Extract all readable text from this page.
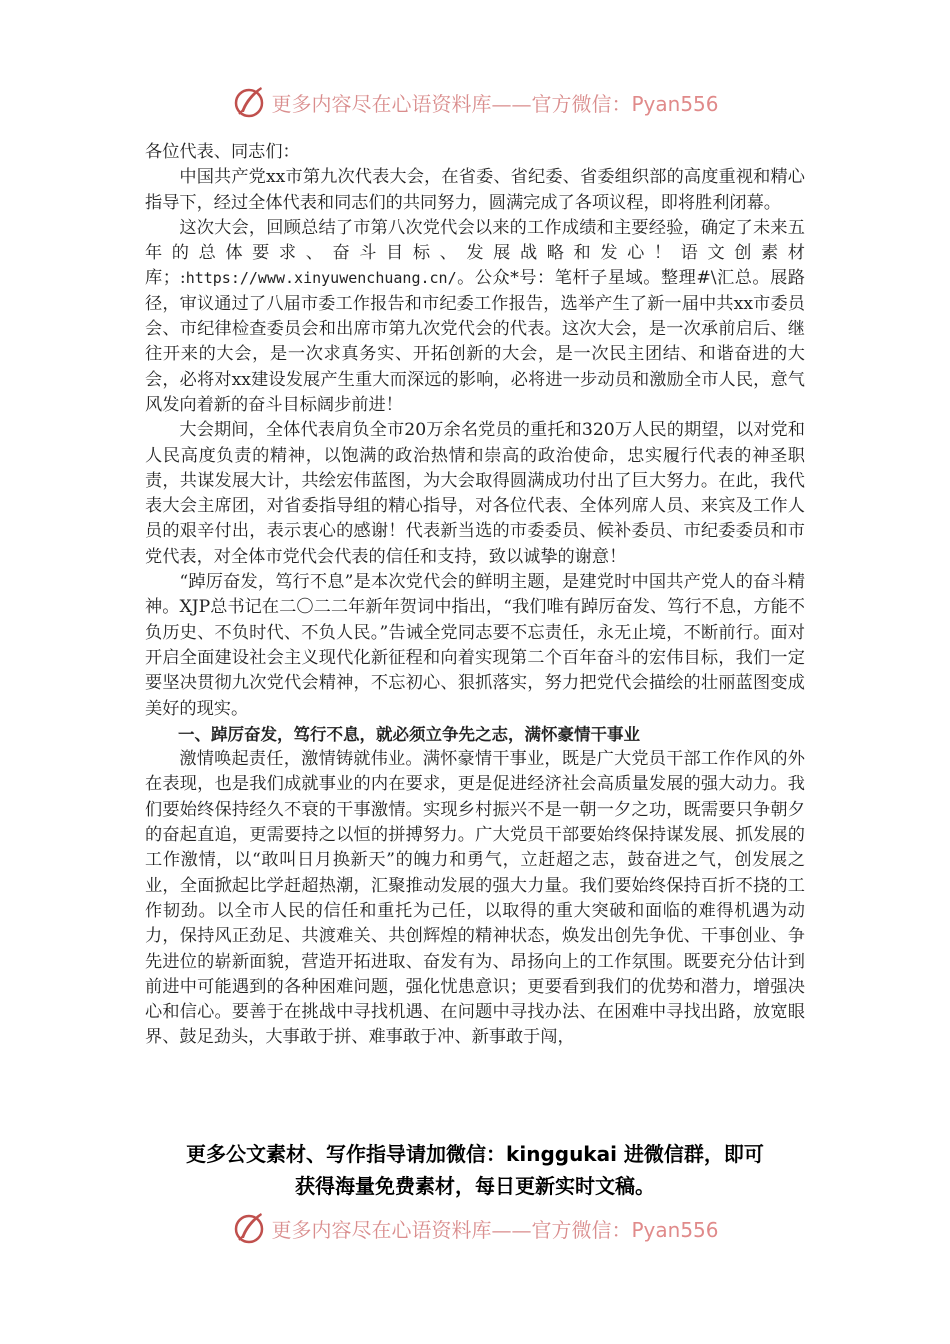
更多内容尽在心语资料库——官方微信：Pyan556

各位代表、同志们：

中国共产党xx市第九次代表大会，在省委、省纪委、省委组织部的高度重视和精心指导下，经过全体代表和同志们的共同努力，圆满完成了各项议程，即将胜利闭幕。

这次大会，回顾总结了市第八次党代会以来的工作成绩和主要经验，确定了未来五年的总体要求、奋斗目标、发展战略和发心！语文创素材库；:https://www.xinyuwenchuang.cn/。公众*号：笔杆子星域。整理#\汇总。展路径，审议通过了八届市委工作报告和市纪委工作报告，选举产生了新一届中共xx市委员会、市纪律检查委员会和出席市第九次党代会的代表。这次大会，是一次承前启后、继往开来的大会，是一次求真务实、开拓创新的大会，是一次民主团结、和谐奋进的大会，必将对xx建设发展产生重大而深远的影响，必将进一步动员和激励全市人民，意气风发向着新的奋斗目标阔步前进！

大会期间，全体代表肩负全市20万余名党员的重托和320万人民的期望，以对党和人民高度负责的精神，以饱满的政治热情和崇高的政治使命，忠实履行代表的神圣职责，共谋发展大计，共绘宏伟蓝图，为大会取得圆满成功付出了巨大努力。在此，我代表大会主席团，对省委指导组的精心指导，对各位代表、全体列席人员、来宾及工作人员的艰辛付出，表示衷心的感谢！代表新当选的市委委员、候补委员、市纪委委员和市党代表，对全体市党代会代表的信任和支持，致以诚挚的谢意！

“踔厉奋发，笃行不息”是本次党代会的鲜明主题，是建党时中国共产党人的奋斗精神。XJP总书记在二〇二二年新年贺词中指出，“我们唯有踔厉奋发、笃行不息，方能不负历史、不负时代、不负人民。”告诫全党同志要不忘责任，永无止境，不断前行。面对开启全面建设社会主义现代化新征程和向着实现第二个百年奋斗的宏伟目标，我们一定要坚决贯彻九次党代会精神，不忘初心、狠抓落实，努力把党代会描绘的壮丽蓝图变成美好的现实。

一、踔厉奋发，笃行不息，就必须立争先之志，满怀豪情干事业

激情唤起责任，激情铸就伟业。满怀豪情干事业，既是广大党员干部工作作风的外在表现，也是我们成就事业的内在要求，更是促进经济社会高质量发展的强大动力。我们要始终保持经久不衰的干事激情。实现乡村振兴不是一朝一夕之功，既需要只争朝夕的奋起直追，更需要持之以恒的拼搏努力。广大党员干部要始终保持谋发展、抓发展的工作激情，以“敢叫日月换新天”的魄力和勇气，立赶超之志，鼓奋进之气，创发展之业，全面掀起比学赶超热潮，汇聚推动发展的强大力量。我们要始终保持百折不挠的工作韧劲。以全市人民的信任和重托为己任，以取得的重大突破和面临的难得机遇为动力，保持风正劲足、共渡难关、共创辉煌的精神状态，焕发出创先争优、干事创业、争先进位的崭新面貌，营造开拓进取、奋发有为、昂扬向上的工作氛围。既要充分估计到前进中可能遇到的各种困难问题，强化忧患意识；更要看到我们的优势和潜力，增强决心和信心。要善于在挑战中寻找机遇、在问题中寻找办法、在困难中寻找出路，放宽眼界、鼓足劲头，大事敢于拼、难事敢于冲、新事敢于闯，

更多公文素材、写作指导请加微信：kinggukai 进微信群，即可
获得海量免费素材，每日更新实时文稿。
更多内容尽在心语资料库——官方微信：Pyan556
